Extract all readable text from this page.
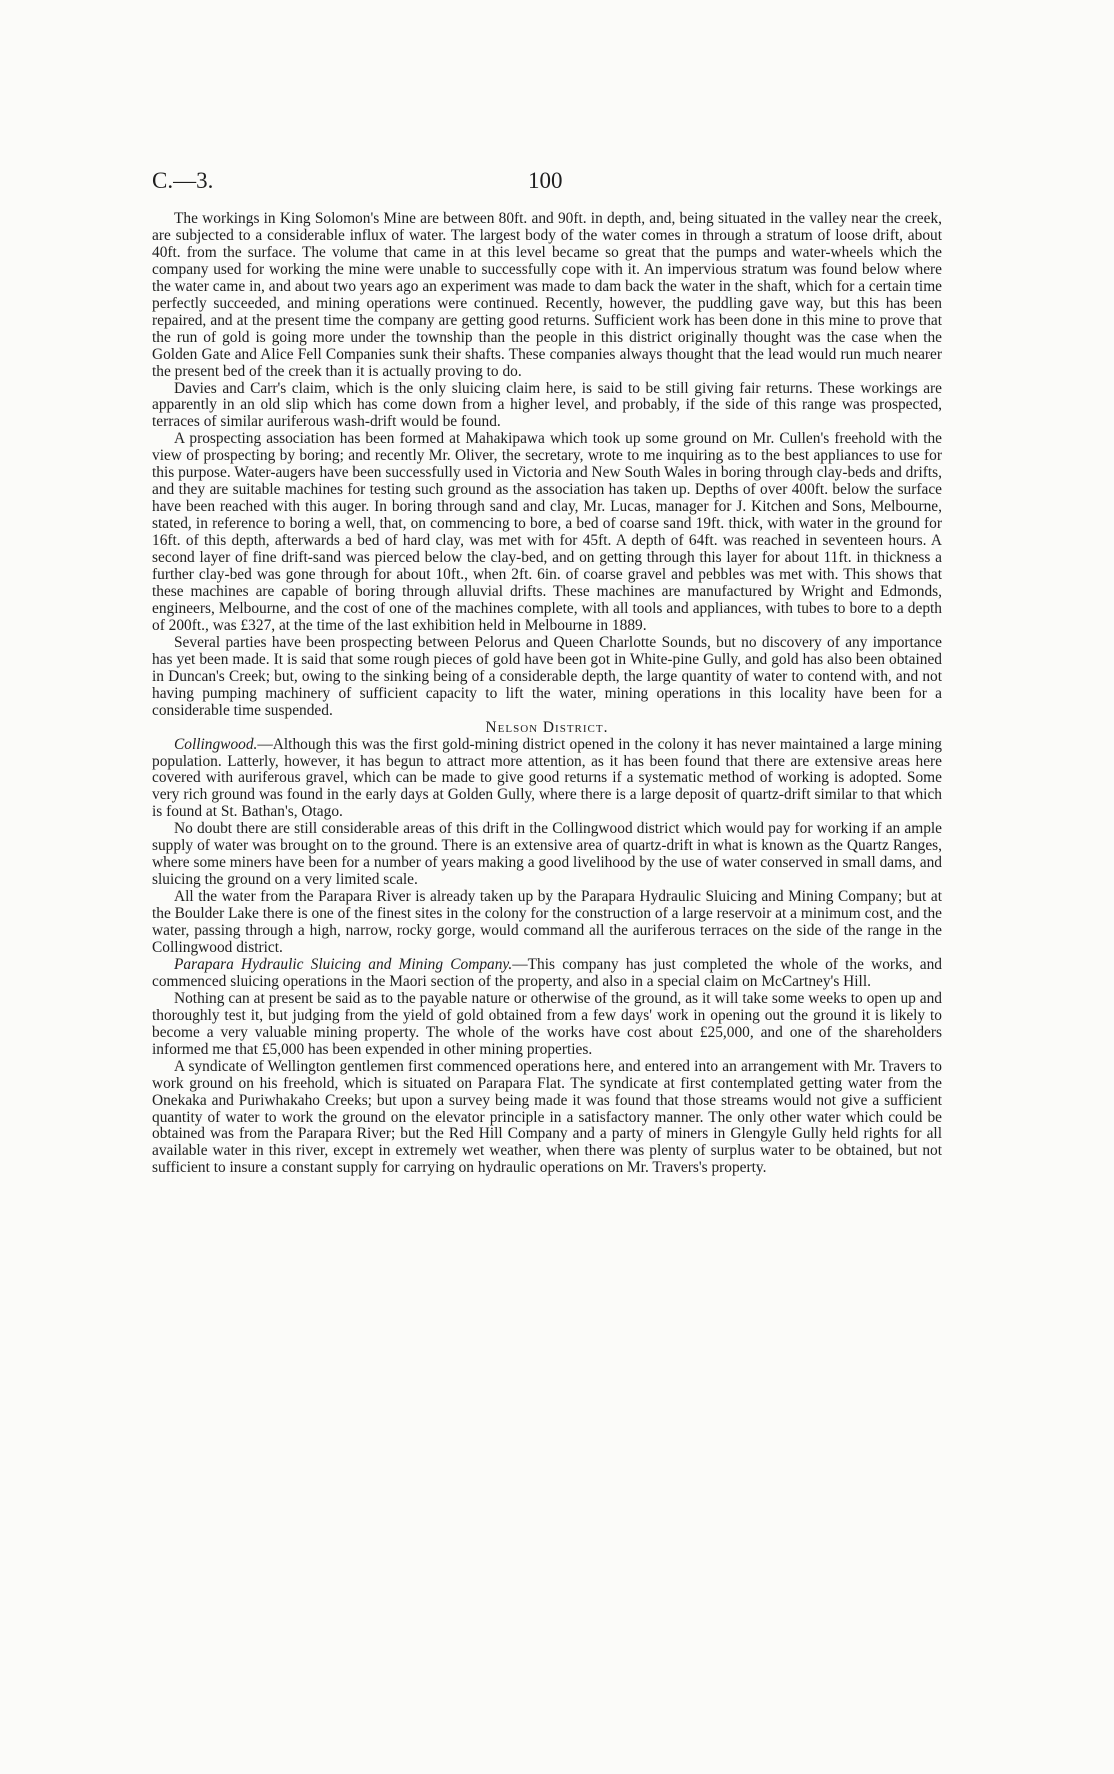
C.—3.	100

The workings in King Solomon's Mine are between 80ft. and 90ft. in depth, and, being situated in the valley near the creek, are subjected to a considerable influx of water. The largest body of the water comes in through a stratum of loose drift, about 40ft. from the surface. The volume that came in at this level became so great that the pumps and water-wheels which the company used for working the mine were unable to successfully cope with it. An impervious stratum was found below where the water came in, and about two years ago an experiment was made to dam back the water in the shaft, which for a certain time perfectly succeeded, and mining operations were continued. Recently, however, the puddling gave way, but this has been repaired, and at the present time the company are getting good returns. Sufficient work has been done in this mine to prove that the run of gold is going more under the township than the people in this district originally thought was the case when the Golden Gate and Alice Fell Companies sunk their shafts. These companies always thought that the lead would run much nearer the present bed of the creek than it is actually proving to do.

Davies and Carr's claim, which is the only sluicing claim here, is said to be still giving fair returns. These workings are apparently in an old slip which has come down from a higher level, and probably, if the side of this range was prospected, terraces of similar auriferous wash-drift would be found.

A prospecting association has been formed at Mahakipawa which took up some ground on Mr. Cullen's freehold with the view of prospecting by boring; and recently Mr. Oliver, the secretary, wrote to me inquiring as to the best appliances to use for this purpose. Water-augers have been successfully used in Victoria and New South Wales in boring through clay-beds and drifts, and they are suitable machines for testing such ground as the association has taken up. Depths of over 400ft. below the surface have been reached with this auger. In boring through sand and clay, Mr. Lucas, manager for J. Kitchen and Sons, Melbourne, stated, in reference to boring a well, that, on commencing to bore, a bed of coarse sand 19ft. thick, with water in the ground for 16ft. of this depth, afterwards a bed of hard clay, was met with for 45ft. A depth of 64ft. was reached in seventeen hours. A second layer of fine drift-sand was pierced below the clay-bed, and on getting through this layer for about 11ft. in thickness a further clay-bed was gone through for about 10ft., when 2ft. 6in. of coarse gravel and pebbles was met with. This shows that these machines are capable of boring through alluvial drifts. These machines are manufactured by Wright and Edmonds, engineers, Melbourne, and the cost of one of the machines complete, with all tools and appliances, with tubes to bore to a depth of 200ft., was £327, at the time of the last exhibition held in Melbourne in 1889.

Several parties have been prospecting between Pelorus and Queen Charlotte Sounds, but no discovery of any importance has yet been made. It is said that some rough pieces of gold have been got in White-pine Gully, and gold has also been obtained in Duncan's Creek; but, owing to the sinking being of a considerable depth, the large quantity of water to contend with, and not having pumping machinery of sufficient capacity to lift the water, mining operations in this locality have been for a considerable time suspended.

Nelson District.

Collingwood.—Although this was the first gold-mining district opened in the colony it has never maintained a large mining population. Latterly, however, it has begun to attract more attention, as it has been found that there are extensive areas here covered with auriferous gravel, which can be made to give good returns if a systematic method of working is adopted. Some very rich ground was found in the early days at Golden Gully, where there is a large deposit of quartz-drift similar to that which is found at St. Bathan's, Otago.

No doubt there are still considerable areas of this drift in the Collingwood district which would pay for working if an ample supply of water was brought on to the ground. There is an extensive area of quartz-drift in what is known as the Quartz Ranges, where some miners have been for a number of years making a good livelihood by the use of water conserved in small dams, and sluicing the ground on a very limited scale.

All the water from the Parapara River is already taken up by the Parapara Hydraulic Sluicing and Mining Company; but at the Boulder Lake there is one of the finest sites in the colony for the construction of a large reservoir at a minimum cost, and the water, passing through a high, narrow, rocky gorge, would command all the auriferous terraces on the side of the range in the Collingwood district.

Parapara Hydraulic Sluicing and Mining Company.—This company has just completed the whole of the works, and commenced sluicing operations in the Maori section of the property, and also in a special claim on McCartney's Hill.

Nothing can at present be said as to the payable nature or otherwise of the ground, as it will take some weeks to open up and thoroughly test it, but judging from the yield of gold obtained from a few days' work in opening out the ground it is likely to become a very valuable mining property. The whole of the works have cost about £25,000, and one of the shareholders informed me that £5,000 has been expended in other mining properties.

A syndicate of Wellington gentlemen first commenced operations here, and entered into an arrangement with Mr. Travers to work ground on his freehold, which is situated on Parapara Flat. The syndicate at first contemplated getting water from the Onekaka and Puriwhakaho Creeks; but upon a survey being made it was found that those streams would not give a sufficient quantity of water to work the ground on the elevator principle in a satisfactory manner. The only other water which could be obtained was from the Parapara River; but the Red Hill Company and a party of miners in Glengyle Gully held rights for all available water in this river, except in extremely wet weather, when there was plenty of surplus water to be obtained, but not sufficient to insure a constant supply for carrying on hydraulic operations on Mr. Travers's property.
